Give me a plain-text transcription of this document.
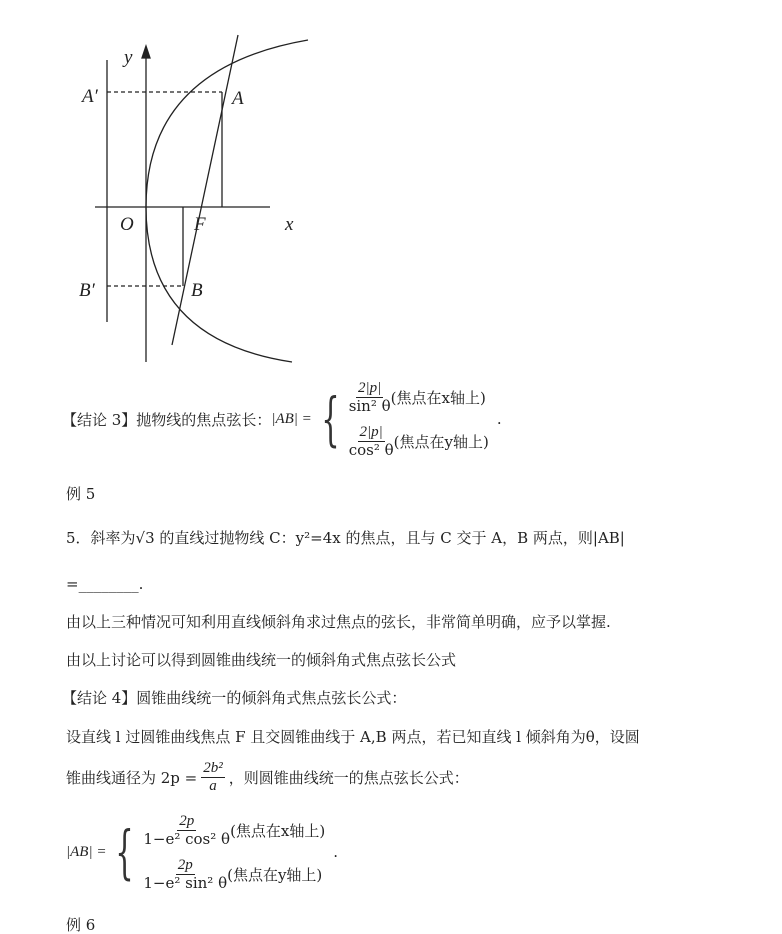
y
A′	A
O	F	x
B′	B
【结论 3】抛物线的焦点弦长： |AB| = { $\frac{2|p|}{\text{sin² θ}}$ (焦点在x轴上)
$\frac{2|p|}{\text{cos² θ}}$ (焦点在y轴上)
.
例 5
5．斜率为√3 的直线过抛物线 C：y²=4x 的焦点，且与 C 交于 A，B 两点，则|AB|
=________.
由以上三种情况可知利用直线倾斜角求过焦点的弦长，非常简单明确，应予以掌握.
由以上讨论可以得到圆锥曲线统一的倾斜角式焦点弦长公式
【结论 4】圆锥曲线统一的倾斜角式焦点弦长公式：
设直线 l 过圆锥曲线焦点 F 且交圆锥曲线于 A,B 两点，若已知直线 l 倾斜角为θ，设圆
锥曲线通径为 $2p = \frac{\text{2b²}}{a}$ ，则圆锥曲线统一的焦点弦长公式：
|AB| = { $\frac{2p}{\text{1−e² cos² θ}}$ (焦点在x轴上)
$\frac{2p}{\text{1−e² sin² θ}}$ (焦点在y轴上)
.
例 6
